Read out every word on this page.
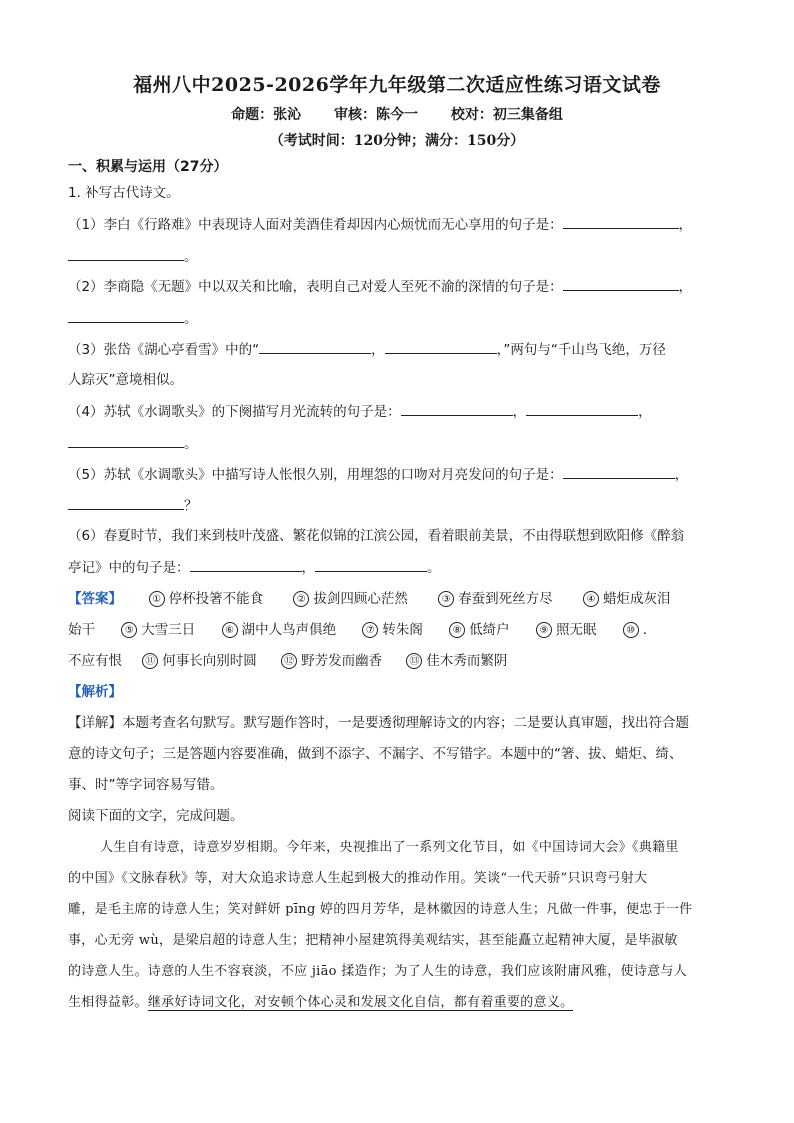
福州八中2025-2026学年九年级第二次适应性练习语文试卷
命题：张沁 审核：陈今一 校对：初三集备组
（考试时间：120分钟；满分：150分）
一、积累与运用（27分）
1. 补写古代诗文。
（1）李白《行路难》中表现诗人面对美酒佳肴却因内心烦忧而无心享用的句子是：	，
。
（2）李商隐《无题》中以双关和比喻，表明自己对爱人至死不渝的深情的句子是：	，
。
（3）张岱《湖心亭看雪》中的“	，	，”两句与“千山鸟飞绝，万径
人踪灭”意境相似。
（4）苏轼《水调歌头》的下阕描写月光流转的句子是：	，	，
。
（5）苏轼《水调歌头》中描写诗人怅恨久别，用埋怨的口吻对月亮发问的句子是：	，
？
（6）春夏时节，我们来到枝叶茂盛、繁花似锦的江滨公园，看着眼前美景，不由得联想到欧阳修《醉翁
亭记》中的句子是：	，	。
【答案】	① 停杯投箸不能食	② 拔剑四顾心茫然	③ 春蚕到死丝方尽	④ 蜡炬成灰泪
始干	⑤ 大雪三日	⑥ 湖中人鸟声俱绝	⑦ 转朱阁	⑧ 低绮户	⑨ 照无眠	⑩ .
不应有恨 ⑪ 何事长向别时圆	⑫ 野芳发而幽香	⑬ 佳木秀而繁阴
【解析】
【详解】本题考查名句默写。默写题作答时，一是要透彻理解诗文的内容；二是要认真审题，找出符合题
意的诗文句子；三是答题内容要准确，做到不添字、不漏字、不写错字。本题中的“箸、拔、蜡炬、绮、
事、时”等字词容易写错。
阅读下面的文字，完成问题。
人生自有诗意，诗意岁岁相期。今年来，央视推出了一系列文化节目，如《中国诗词大会》《典籍里
的中国》《文脉春秋》等，对大众追求诗意人生起到极大的推动作用。笑谈“一代天骄”只识弯弓射大
雕，是毛主席的诗意人生；笑对鲜妍 pīng 婷的四月芳华，是林徽因的诗意人生；凡做一件事，便忠于一件
事，心无旁 wù，是梁启超的诗意人生；把精神小屋建筑得美观结实，甚至能矗立起精神大厦，是毕淑敏
的诗意人生。诗意的人生不容衰淡，不应 jiāo 揉造作；为了人生的诗意，我们应该附庸风雅，使诗意与人
生相得益彰。继承好诗词文化，对安顿个体心灵和发展文化自信，都有着重要的意义。
